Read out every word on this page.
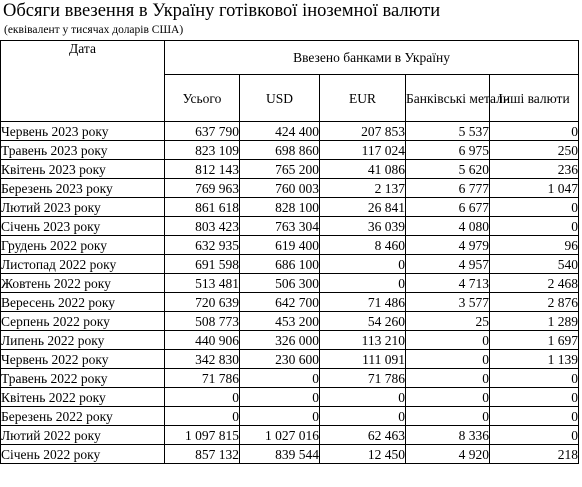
Обсяги ввезення в Україну готівкової іноземної валюти
(еквівалент у тисячах доларів США)
Дата	Ввезено банками в Україну				
	Усього	USD	EUR	Банківські метали	Інші валюти
Червень 2023 року	637 790	424 400	207 853	5 537	0
Травень 2023 року	823 109	698 860	117 024	6 975	250
Квітень 2023 року	812 143	765 200	41 086	5 620	236
Березень 2023 року	769 963	760 003	2 137	6 777	1 047
Лютий 2023 року	861 618	828 100	26 841	6 677	0
Січень 2023 року	803 423	763 304	36 039	4 080	0
Грудень 2022 року	632 935	619 400	8 460	4 979	96
Листопад 2022 року	691 598	686 100	0	4 957	540
Жовтень 2022 року	513 481	506 300	0	4 713	2 468
Вересень 2022 року	720 639	642 700	71 486	3 577	2 876
Серпень 2022 року	508 773	453 200	54 260	25	1 289
Липень 2022 року	440 906	326 000	113 210	0	1 697
Червень 2022 року	342 830	230 600	111 091	0	1 139
Травень 2022 року	71 786	0	71 786	0	0
Квітень 2022 року	0	0	0	0	0
Березень 2022 року	0	0	0	0	0
Лютий 2022 року	1 097 815	1 027 016	62 463	8 336	0
Січень 2022 року	857 132	839 544	12 450	4 920	218
